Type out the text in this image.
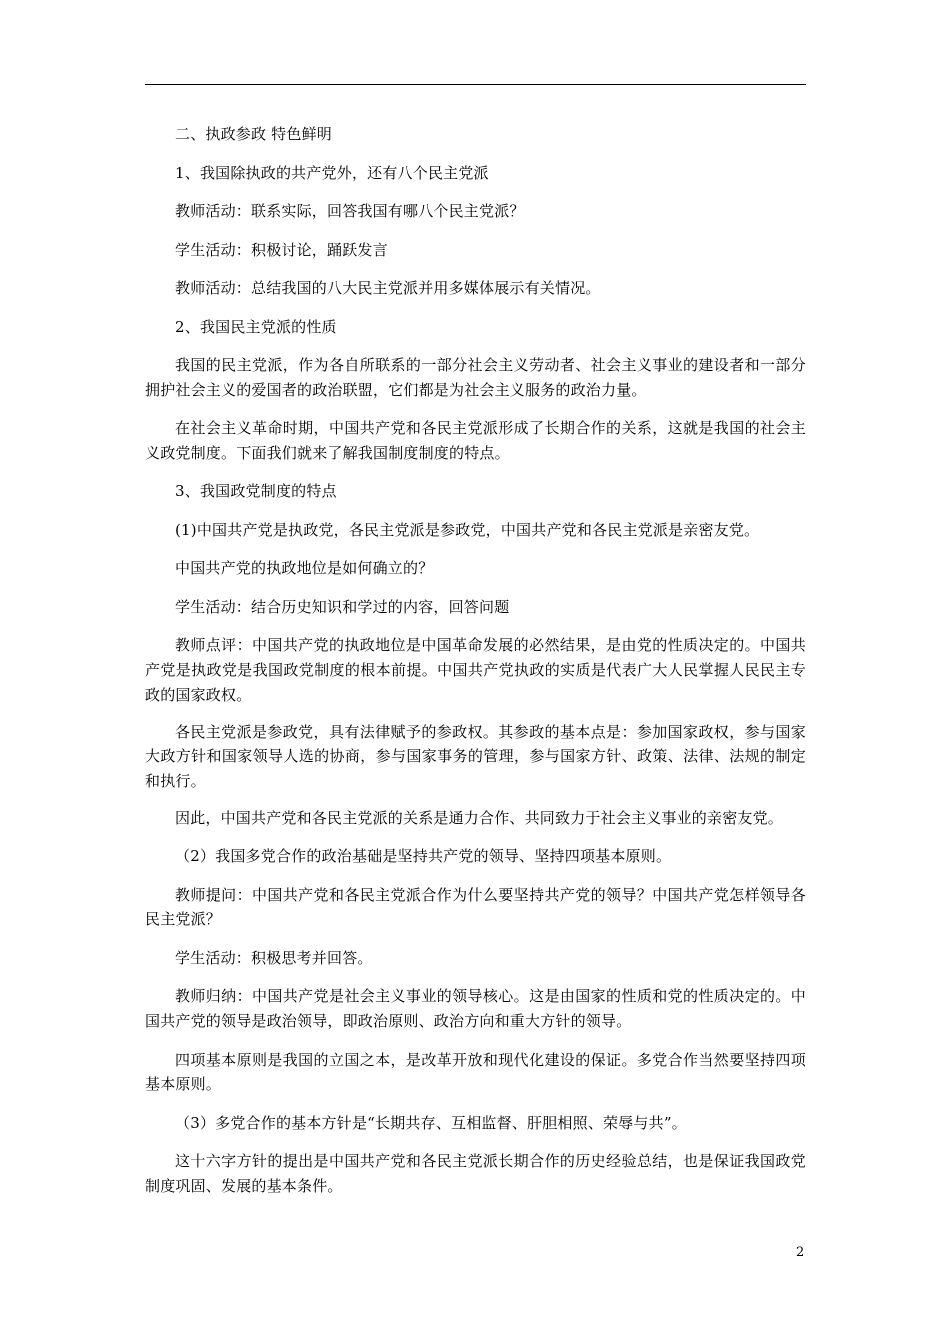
二、执政参政 特色鲜明

1、我国除执政的共产党外，还有八个民主党派

教师活动：联系实际，回答我国有哪八个民主党派？

学生活动：积极讨论，踊跃发言

教师活动：总结我国的八大民主党派并用多媒体展示有关情况。

2、我国民主党派的性质

我国的民主党派，作为各自所联系的一部分社会主义劳动者、社会主义事业的建设者和一部分拥护社会主义的爱国者的政治联盟，它们都是为社会主义服务的政治力量。

在社会主义革命时期，中国共产党和各民主党派形成了长期合作的关系，这就是我国的社会主义政党制度。下面我们就来了解我国制度制度的特点。

3、我国政党制度的特点

(1)中国共产党是执政党，各民主党派是参政党，中国共产党和各民主党派是亲密友党。

中国共产党的执政地位是如何确立的？

学生活动：结合历史知识和学过的内容，回答问题

教师点评：中国共产党的执政地位是中国革命发展的必然结果，是由党的性质决定的。中国共产党是执政党是我国政党制度的根本前提。中国共产党执政的实质是代表广大人民掌握人民民主专政的国家政权。

各民主党派是参政党，具有法律赋予的参政权。其参政的基本点是：参加国家政权，参与国家大政方针和国家领导人选的协商，参与国家事务的管理，参与国家方针、政策、法律、法规的制定和执行。

因此，中国共产党和各民主党派的关系是通力合作、共同致力于社会主义事业的亲密友党。

（2）我国多党合作的政治基础是坚持共产党的领导、坚持四项基本原则。

教师提问：中国共产党和各民主党派合作为什么要坚持共产党的领导？中国共产党怎样领导各民主党派？

学生活动：积极思考并回答。

教师归纳：中国共产党是社会主义事业的领导核心。这是由国家的性质和党的性质决定的。中国共产党的领导是政治领导，即政治原则、政治方向和重大方针的领导。

四项基本原则是我国的立国之本，是改革开放和现代化建设的保证。多党合作当然要坚持四项基本原则。

（3）多党合作的基本方针是“长期共存、互相监督、肝胆相照、荣辱与共”。

这十六字方针的提出是中国共产党和各民主党派长期合作的历史经验总结，也是保证我国政党制度巩固、发展的基本条件。

2
